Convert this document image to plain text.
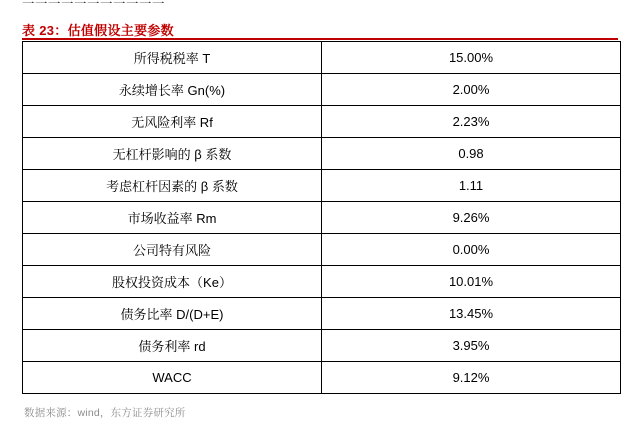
表 23：估值假设主要参数
所得税税率 T	15.00%
永续增长率 Gn(%)	2.00%
无风险利率 Rf	2.23%
无杠杆影响的 β 系数	0.98
考虑杠杆因素的 β 系数	1.11
市场收益率 Rm	9.26%
公司特有风险	0.00%
股权投资成本（Ke）	10.01%
债务比率 D/(D+E)	13.45%
债务利率 rd	3.95%
WACC	9.12%
数据来源：wind，东方证券研究所
